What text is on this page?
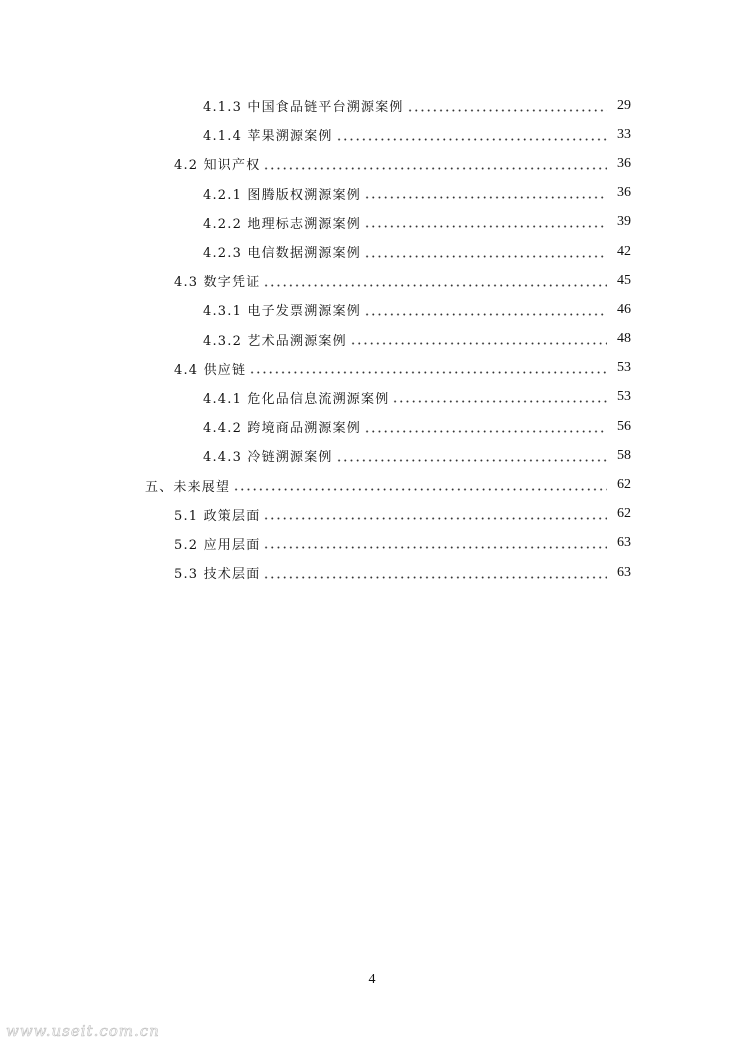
4.1.3 中国食品链平台溯源案例	29
4.1.4 苹果溯源案例	33
4.2 知识产权	36
4.2.1 图腾版权溯源案例	36
4.2.2 地理标志溯源案例	39
4.2.3 电信数据溯源案例	42
4.3 数字凭证	45
4.3.1 电子发票溯源案例	46
4.3.2 艺术品溯源案例	48
4.4 供应链	53
4.4.1 危化品信息流溯源案例	53
4.4.2 跨境商品溯源案例	56
4.4.3 冷链溯源案例	58
五、未来展望	62
5.1 政策层面	62
5.2 应用层面	63
5.3 技术层面	63
4
www.useit.com.cn
